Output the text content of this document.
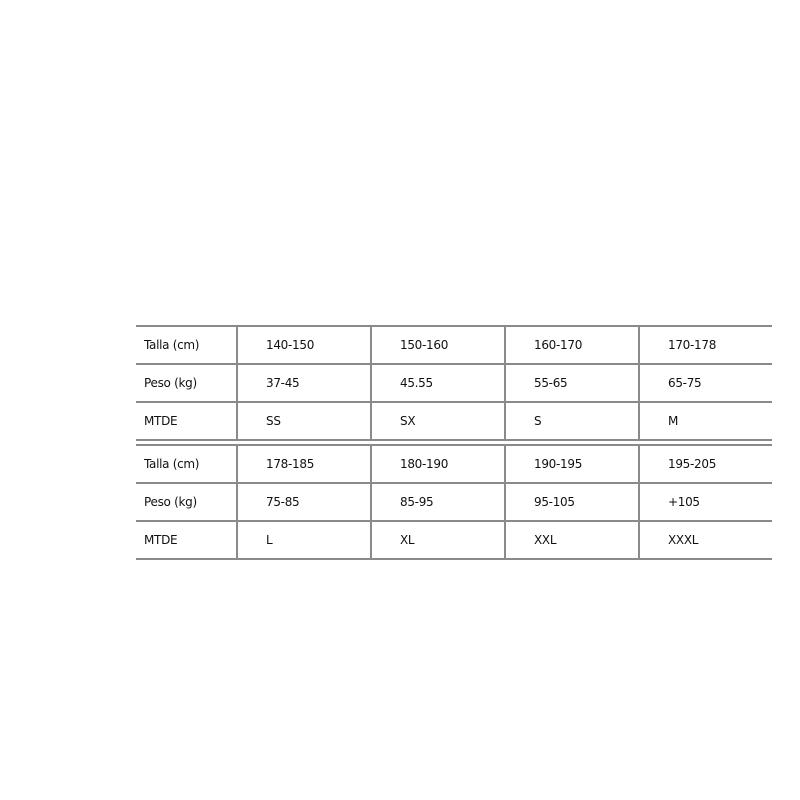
Talla (cm)	140-150	150-160	160-170	170-178
Peso (kg)	37-45	45.55	55-65	65-75
MTDE	SS	SX	S	M
Talla (cm)	178-185	180-190	190-195	195-205
Peso (kg)	75-85	85-95	95-105	+105
MTDE	L	XL	XXL	XXXL
